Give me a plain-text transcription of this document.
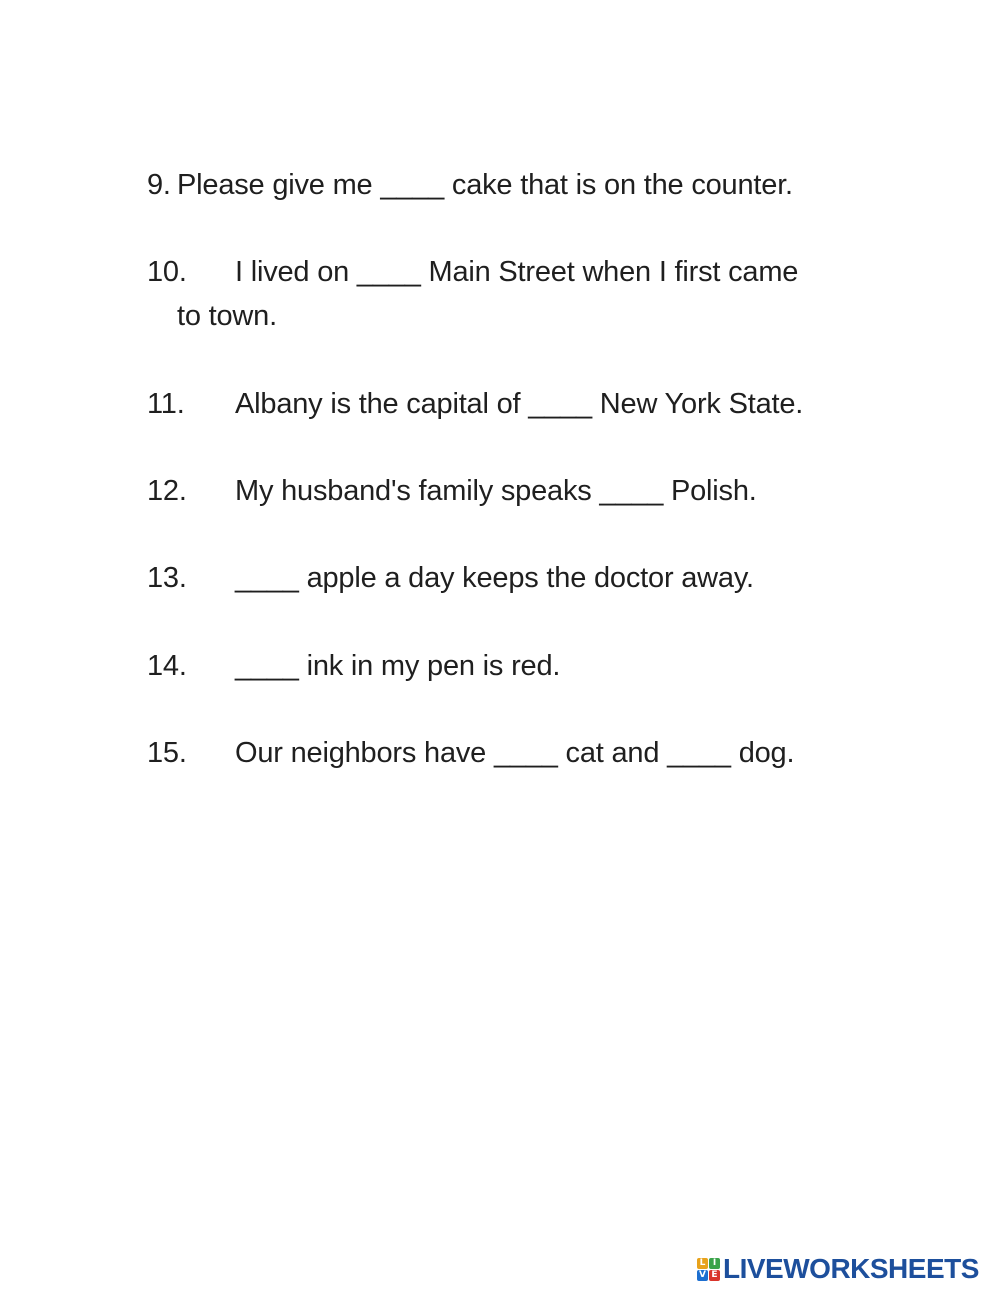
9. Please give me ____ cake that is on the counter.
10.	I lived on ____ Main Street when I first came
to town.
11.	Albany is the capital of ____ New York State.
12.	My husband's family speaks ____ Polish.
13.	____ apple a day keeps the doctor away.
14.	____ ink in my pen is red.
15.	Our neighbors have ____ cat and ____ dog.
L I
V E LIVEWORKSHEETS
